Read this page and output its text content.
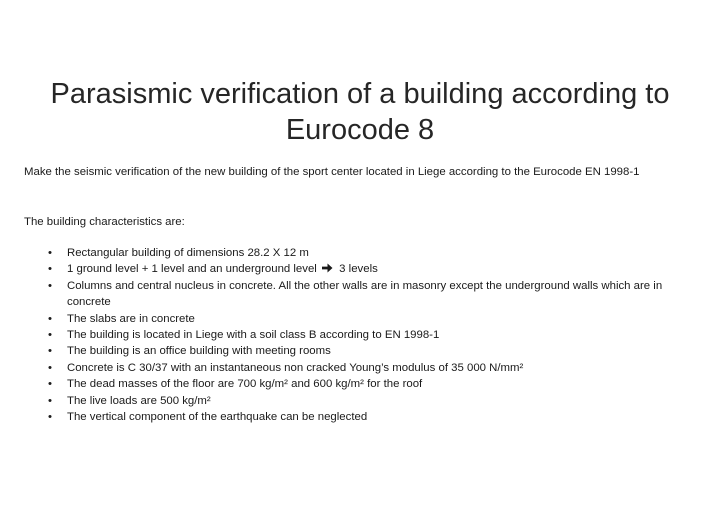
Parasismic verification of a building according to Eurocode 8

Make the seismic verification of the new building of the sport center located in Liege according to the Eurocode EN 1998-1

The building characteristics are:

•	Rectangular building of dimensions 28.2 X 12 m
•	1 ground level + 1 level and an underground level 3 levels
•	Columns and central nucleus in concrete. All the other walls are in masonry except the underground walls which are in concrete
•	The slabs are in concrete
•	The building is located in Liege with a soil class B according to EN 1998-1
•	The building is an office building with meeting rooms
•	Concrete is C 30/37 with an instantaneous non cracked Young’s modulus of 35 000 N/mm²
•	The dead masses of the floor are 700 kg/m² and 600 kg/m² for the roof
•	The live loads are 500 kg/m²
•	The vertical component of the earthquake can be neglected
